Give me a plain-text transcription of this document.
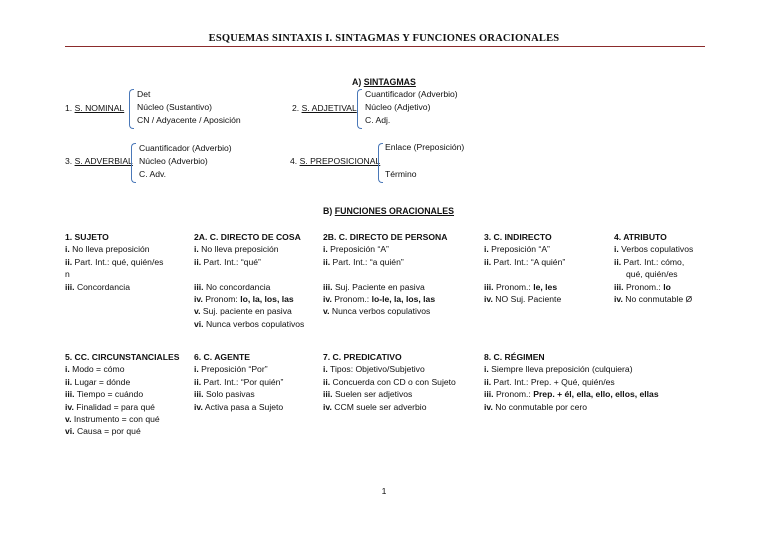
ESQUEMAS SINTAXIS I. SINTAGMAS Y FUNCIONES ORACIONALES
A) SINTAGMAS
1. S. NOMINAL
Det
Núcleo (Sustantivo)
CN / Adyacente / Aposición
2. S. ADJETIVAL
Cuantificador (Adverbio)
Núcleo (Adjetivo)
C. Adj.
3. S. ADVERBIAL
Cuantificador (Adverbio)
Núcleo (Adverbio)
C. Adv.
4. S. PREPOSICIONAL
Enlace (Preposición)
Término
B) FUNCIONES ORACIONALES
1. SUJETO
i. No lleva preposición
ii. Part. Int.: qué, quién/es
n
iii. Concordancia
2A. C. DIRECTO DE COSA
i. No lleva preposición
ii. Part. Int.: “qué”

iii. No concordancia
iv. Pronom: lo, la, los, las
v. Suj. paciente en pasiva
vi. Nunca verbos copulativos
2B. C. DIRECTO DE PERSONA
i. Preposición “A”
ii. Part. Int.: “a quién”

iii. Suj. Paciente en pasiva
iv. Pronom.: lo-le, la, los, las
v. Nunca verbos copulativos
3. C. INDIRECTO
i. Preposición “A”
ii. Part. Int.: “A quién”

iii. Pronom.: le, les
iv. NO Suj. Paciente
4. ATRIBUTO
i. Verbos copulativos
ii. Part. Int.: cómo,
qué, quién/es
iii. Pronom.: lo
iv. No conmutable Ø
5. CC. CIRCUNSTANCIALES
i. Modo = cómo
ii. Lugar = dónde
iii. Tiempo = cuándo
iv. Finalidad = para qué
v. Instrumento = con qué
vi. Causa = por qué
6. C. AGENTE
i. Preposición “Por”
ii. Part. Int.: “Por quién”
iii. Solo pasivas
iv. Activa pasa a Sujeto
7. C. PREDICATIVO
i. Tipos: Objetivo/Subjetivo
ii. Concuerda con CD o con Sujeto
iii. Suelen ser adjetivos
iv. CCM suele ser adverbio
8. C. RÉGIMEN
i. Siempre lleva preposición (culquiera)
ii. Part. Int.: Prep. + Qué, quién/es
iii. Pronom.: Prep. + él, ella, ello, ellos, ellas
iv. No conmutable por cero
1
